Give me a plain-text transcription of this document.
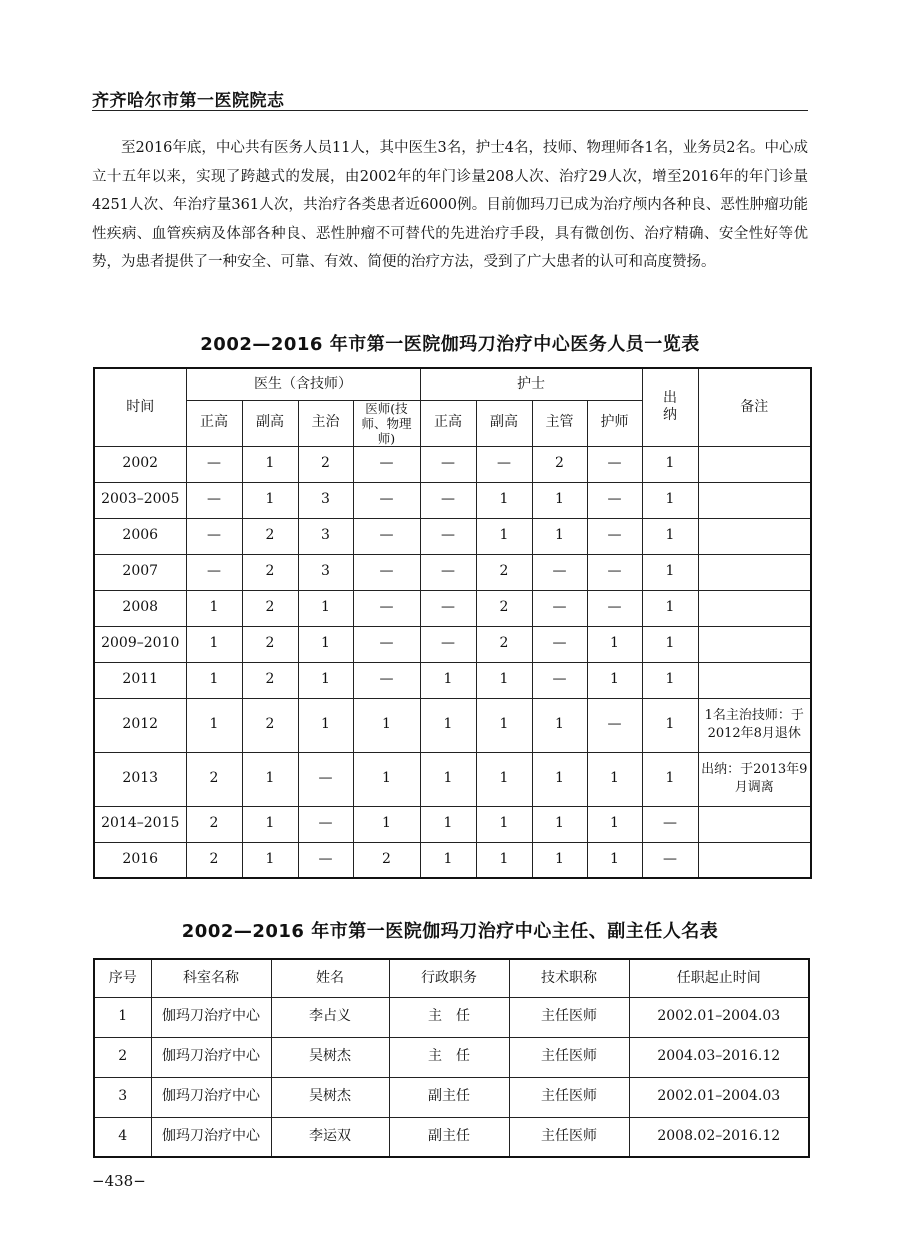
齐齐哈尔市第一医院院志

至2016年底，中心共有医务人员11人，其中医生3名，护士4名，技师、物理师各1名，业务员2名。中心成立十五年以来，实现了跨越式的发展，由2002年的年门诊量208人次、治疗29人次，增至2016年的年门诊量4251人次、年治疗量361人次，共治疗各类患者近6000例。目前伽玛刀已成为治疗颅内各种良、恶性肿瘤功能性疾病、血管疾病及体部各种良、恶性肿瘤不可替代的先进治疗手段，具有微创伤、治疗精确、安全性好等优势，为患者提供了一种安全、可靠、有效、简便的治疗方法，受到了广大患者的认可和高度赞扬。

2002—2016 年市第一医院伽玛刀治疗中心医务人员一览表
时间	医生（含技师）				护士				出纳	备注
	正高	副高	主治	医师(技师、物理师)	正高	副高	主管	护师		
2002	—	1	2	—	—	—	2	—	1	
2003–2005	—	1	3	—	—	1	1	—	1	
2006	—	2	3	—	—	1	1	—	1	
2007	—	2	3	—	—	2	—	—	1	
2008	1	2	1	—	—	2	—	—	1	
2009–2010	1	2	1	—	—	2	—	1	1	
2011	1	2	1	—	1	1	—	1	1	
2012	1	2	1	1	1	1	1	—	1	1名主治技师：于2012年8月退休
2013	2	1	—	1	1	1	1	1	1	出纳：于2013年9月调离
2014–2015	2	1	—	1	1	1	1	1	—	
2016	2	1	—	2	1	1	1	1	—	
2002—2016 年市第一医院伽玛刀治疗中心主任、副主任人名表
序号	科室名称	姓名	行政职务	技术职称	任职起止时间
1	伽玛刀治疗中心	李占义	主　任	主任医师	2002.01–2004.03
2	伽玛刀治疗中心	吴树杰	主　任	主任医师	2004.03–2016.12
3	伽玛刀治疗中心	吴树杰	副主任	主任医师	2002.01–2004.03
4	伽玛刀治疗中心	李运双	副主任	主任医师	2008.02–2016.12
−438−
